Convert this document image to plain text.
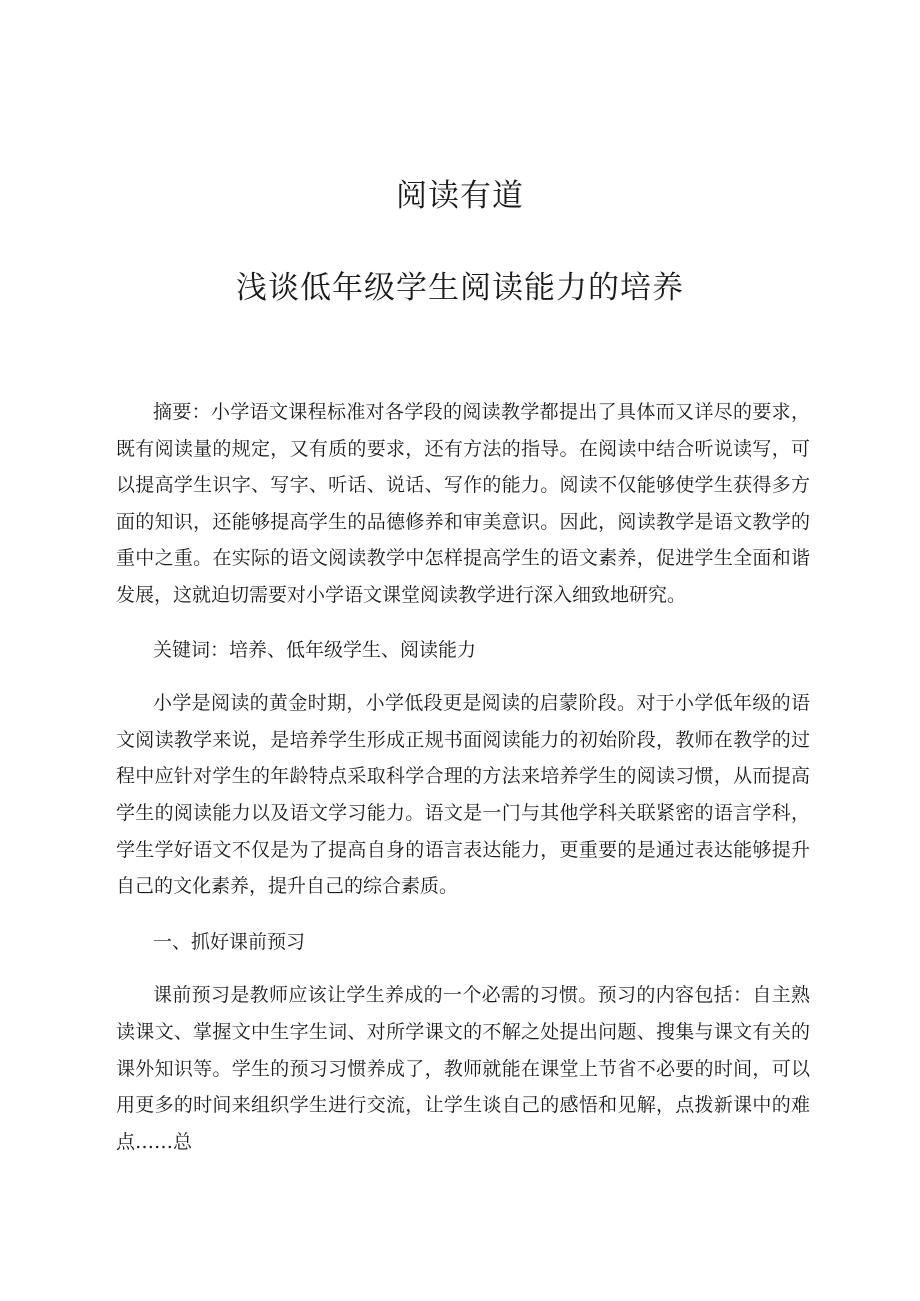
阅读有道
浅谈低年级学生阅读能力的培养

摘要：小学语文课程标准对各学段的阅读教学都提出了具体而又详尽的要求，既有阅读量的规定，又有质的要求，还有方法的指导。在阅读中结合听说读写，可以提高学生识字、写字、听话、说话、写作的能力。阅读不仅能够使学生获得多方面的知识，还能够提高学生的品德修养和审美意识。因此，阅读教学是语文教学的重中之重。在实际的语文阅读教学中怎样提高学生的语文素养，促进学生全面和谐发展，这就迫切需要对小学语文课堂阅读教学进行深入细致地研究。

关键词：培养、低年级学生、阅读能力

小学是阅读的黄金时期，小学低段更是阅读的启蒙阶段。对于小学低年级的语文阅读教学来说，是培养学生形成正规书面阅读能力的初始阶段，教师在教学的过程中应针对学生的年龄特点采取科学合理的方法来培养学生的阅读习惯，从而提高学生的阅读能力以及语文学习能力。语文是一门与其他学科关联紧密的语言学科，学生学好语文不仅是为了提高自身的语言表达能力，更重要的是通过表达能够提升自己的文化素养，提升自己的综合素质。

一、抓好课前预习

课前预习是教师应该让学生养成的一个必需的习惯。预习的内容包括：自主熟读课文、掌握文中生字生词、对所学课文的不解之处提出问题、搜集与课文有关的课外知识等。学生的预习习惯养成了，教师就能在课堂上节省不必要的时间，可以用更多的时间来组织学生进行交流，让学生谈自己的感悟和见解，点拨新课中的难点……总
